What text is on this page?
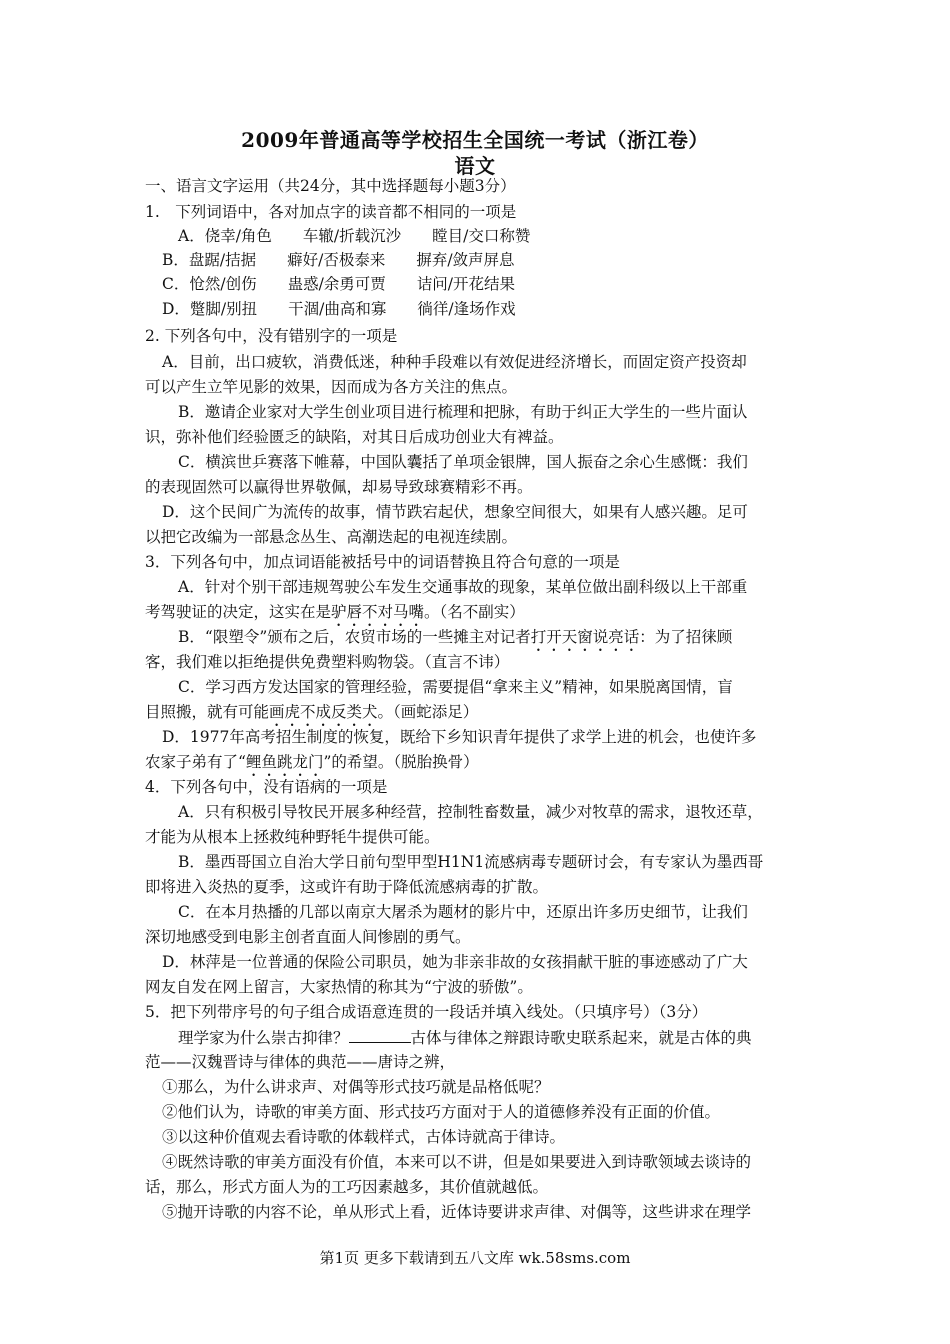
2009年普通高等学校招生全国统一考试（浙江卷）
语文
一、语言文字运用（共24分，其中选择题每小题3分）
1.　下列词语中，各对加点字的读音都不相同的一项是
A．侥幸/角色　　车辙/折载沉沙　　瞠目/交口称赞
B．盘踞/拮据　　癖好/否极泰来　　摒弃/敛声屏息
C．怆然/创伤　　蛊惑/余勇可贾　　诘问/开花结果
D．蹩脚/别扭　　干涸/曲高和寡　　徜徉/逢场作戏
2. 下列各句中，没有错别字的一项是
A．目前，出口疲软，消费低迷，种种手段难以有效促进经济增长，而固定资产投资却
可以产生立竿见影的效果，因而成为各方关注的焦点。
B．邀请企业家对大学生创业项目进行梳理和把脉，有助于纠正大学生的一些片面认
识，弥补他们经验匮乏的缺陷，对其日后成功创业大有裨益。
C．横滨世乒赛落下帷幕，中国队囊括了单项金银牌，国人振奋之余心生感慨：我们
的表现固然可以赢得世界敬佩，却易导致球赛精彩不再。
D．这个民间广为流传的故事，情节跌宕起伏，想象空间很大，如果有人感兴趣。足可
以把它改编为一部悬念丛生、高潮迭起的电视连续剧。
3．下列各句中，加点词语能被括号中的词语替换且符合句意的一项是
A．针对个别干部违规驾驶公车发生交通事故的现象，某单位做出副科级以上干部重
考驾驶证的决定，这实在是驴唇不对马嘴。（名不副实）
B．“限塑令”颁布之后，农贸市场的一些摊主对记者打开天窗说亮话：为了招徕顾
客，我们难以拒绝提供免费塑料购物袋。（直言不讳）
C．学习西方发达国家的管理经验，需要提倡“拿来主义”精神，如果脱离国情，盲
目照搬，就有可能画虎不成反类犬。（画蛇添足）
D．1977年高考招生制度的恢复，既给下乡知识青年提供了求学上进的机会，也使许多
农家子弟有了“鲤鱼跳龙门”的希望。（脱胎换骨）
4．下列各句中，没有语病的一项是
A．只有积极引导牧民开展多种经营，控制牲畜数量，减少对牧草的需求，退牧还草，
才能为从根本上拯救纯种野牦牛提供可能。
B．墨西哥国立自治大学日前句型甲型H1N1流感病毒专题研讨会，有专家认为墨西哥
即将进入炎热的夏季，这或许有助于降低流感病毒的扩散。
C．在本月热播的几部以南京大屠杀为题材的影片中，还原出许多历史细节，让我们
深切地感受到电影主创者直面人间惨剧的勇气。
D．林萍是一位普通的保险公司职员，她为非亲非故的女孩捐献干脏的事迹感动了广大
网友自发在网上留言，大家热情的称其为“宁波的骄傲”。
5．把下列带序号的句子组合成语意连贯的一段话并填入线处。（只填序号）（3分）
理学家为什么崇古抑律？	古体与律体之辩跟诗歌史联系起来，就是古体的典
范——汉魏晋诗与律体的典范——唐诗之辨，
①那么，为什么讲求声、对偶等形式技巧就是品格低呢？
②他们认为，诗歌的审美方面、形式技巧方面对于人的道德修养没有正面的价值。
③以这种价值观去看诗歌的体载样式，古体诗就高于律诗。
④既然诗歌的审美方面没有价值，本来可以不讲，但是如果要进入到诗歌领域去谈诗的
话，那么，形式方面人为的工巧因素越多，其价值就越低。
⑤抛开诗歌的内容不论，单从形式上看，近体诗要讲求声律、对偶等，这些讲求在理学
第1页 更多下载请到五八文库 wk.58sms.com
